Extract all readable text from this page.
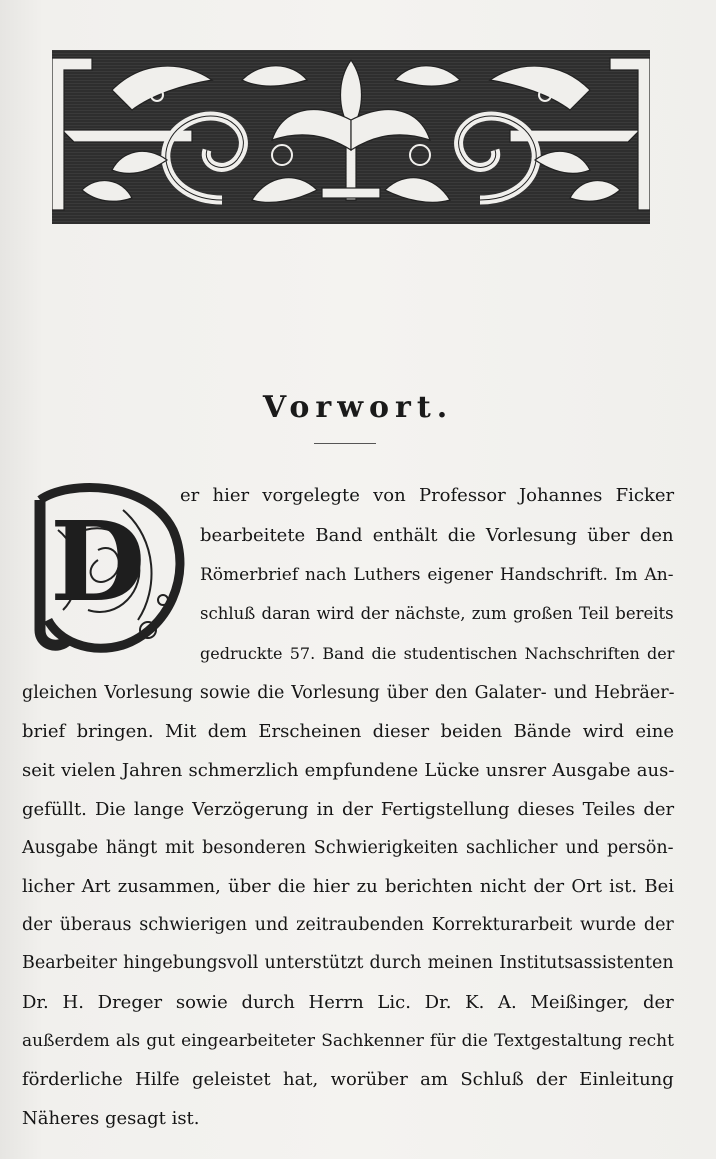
Vorwort.
D
er hier vorgelegte von Professor Johannes Ficker
bearbeitete Band enthält die Vorlesung über den
Römerbrief nach Luthers eigener Handschrift. Im An-
schluß daran wird der nächste, zum großen Teil bereits
gedruckte 57. Band die studentischen Nachschriften der
gleichen Vorlesung sowie die Vorlesung über den Galater- und Hebräer-
brief bringen. Mit dem Erscheinen dieser beiden Bände wird eine
seit vielen Jahren schmerzlich empfundene Lücke unsrer Ausgabe aus-
gefüllt. Die lange Verzögerung in der Fertigstellung dieses Teiles der
Ausgabe hängt mit besonderen Schwierigkeiten sachlicher und persön-
licher Art zusammen, über die hier zu berichten nicht der Ort ist. Bei
der überaus schwierigen und zeitraubenden Korrekturarbeit wurde der
Bearbeiter hingebungsvoll unterstützt durch meinen Institutsassistenten
Dr. H. Dreger sowie durch Herrn Lic. Dr. K. A. Meißinger, der
außerdem als gut eingearbeiteter Sachkenner für die Textgestaltung recht
förderliche Hilfe geleistet hat, worüber am Schluß der Einleitung
Näheres gesagt ist.
